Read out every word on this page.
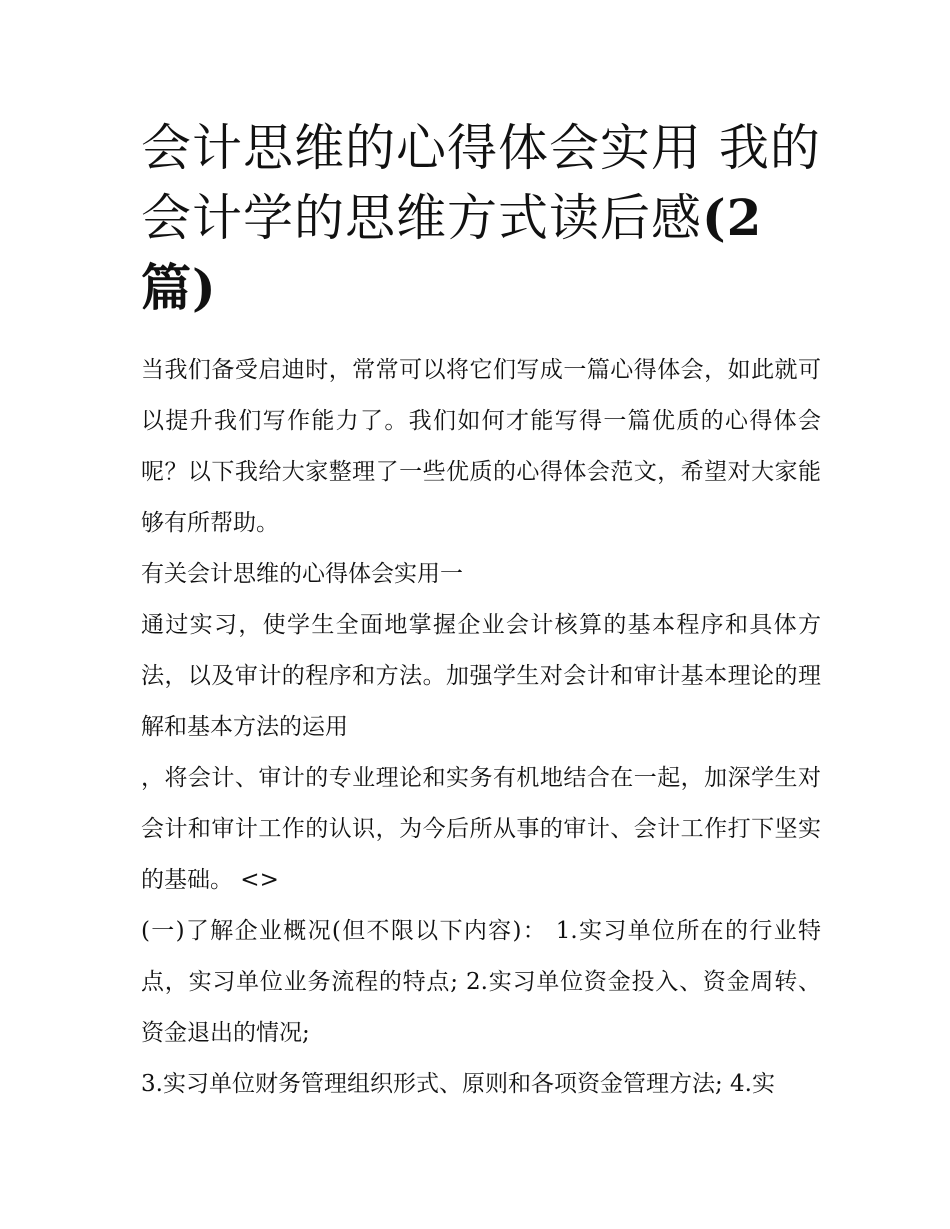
会计思维的心得体会实用 我的
会计学的思维方式读后感(2
篇)

当我们备受启迪时，常常可以将它们写成一篇心得体会，如此就可以提升我们写作能力了。我们如何才能写得一篇优质的心得体会呢？以下我给大家整理了一些优质的心得体会范文，希望对大家能够有所帮助。

有关会计思维的心得体会实用一

通过实习，使学生全面地掌握企业会计核算的基本程序和具体方法，以及审计的程序和方法。加强学生对会计和审计基本理论的理解和基本方法的运用

，将会计、审计的专业理论和实务有机地结合在一起，加深学生对会计和审计工作的认识，为今后所从事的审计、会计工作打下坚实的基础。 <>

(一)了解企业概况(但不限以下内容)： 1.实习单位所在的行业特点，实习单位业务流程的特点; 2.实习单位资金投入、资金周转、资金退出的情况;

3.实习单位财务管理组织形式、原则和各项资金管理方法; 4.实
